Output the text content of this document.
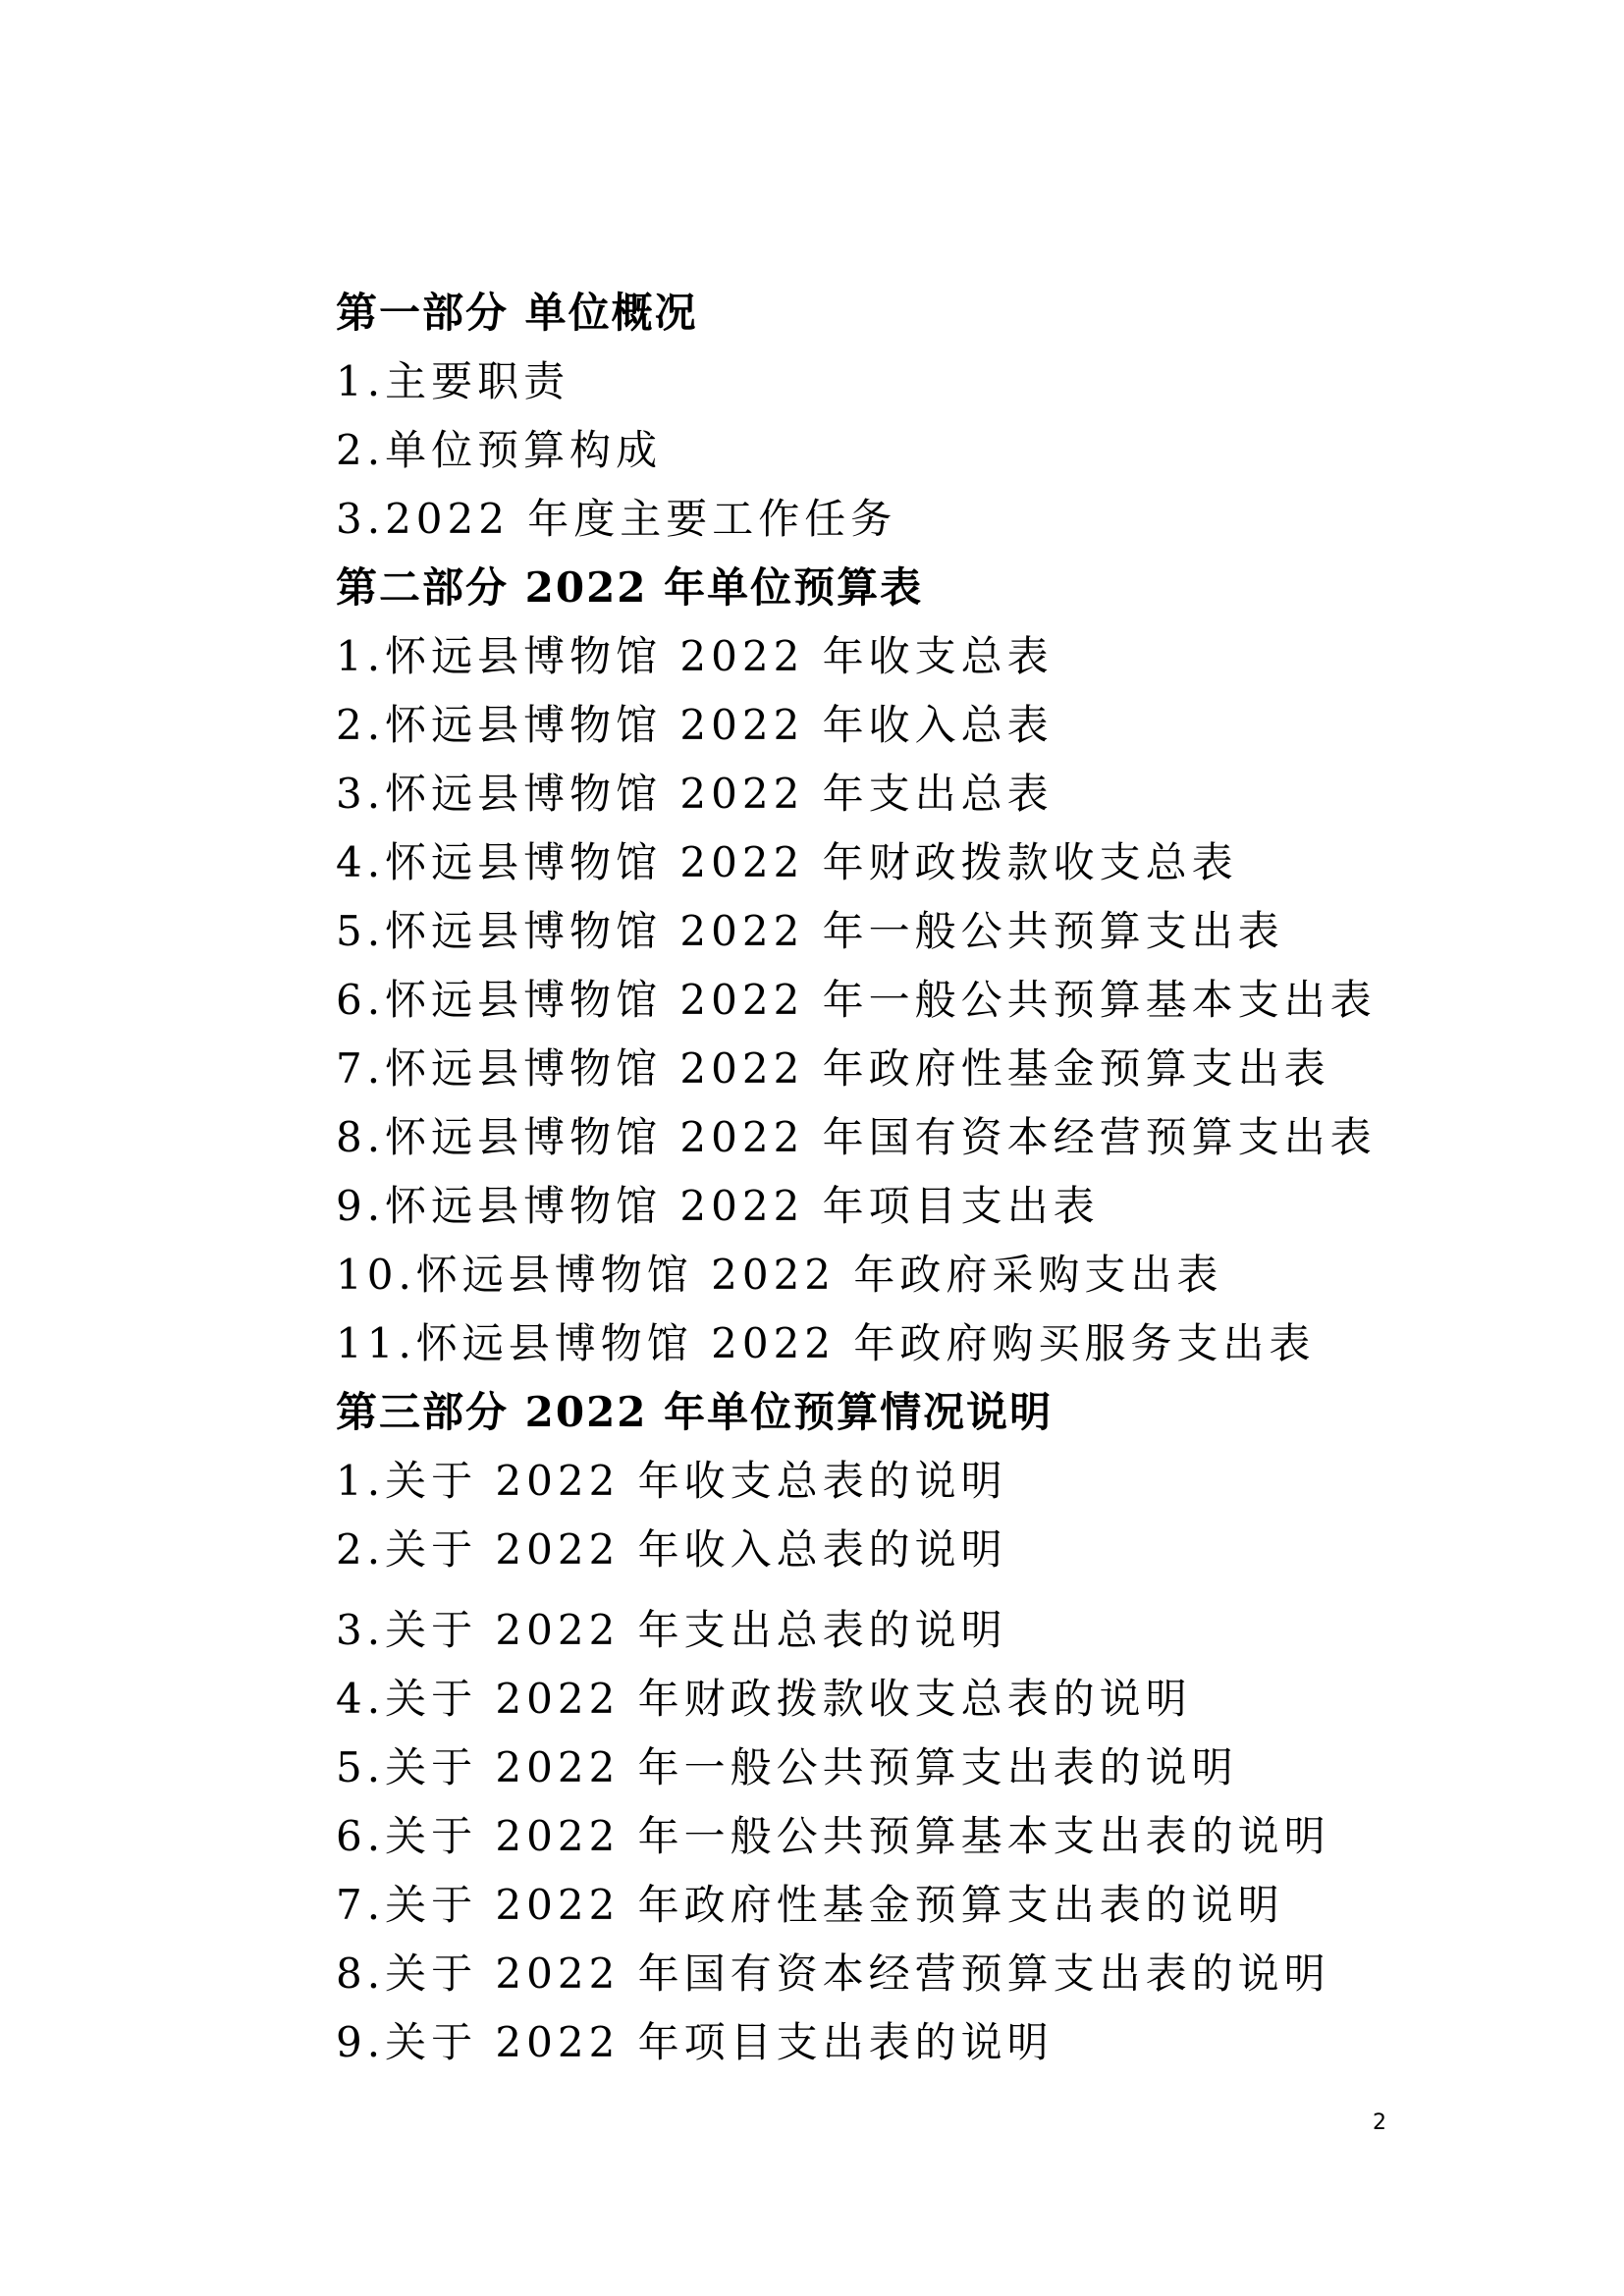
第一部分 单位概况
1.主要职责
2.单位预算构成
3.2022 年度主要工作任务
第二部分 2022 年单位预算表
1.怀远县博物馆 2022 年收支总表
2.怀远县博物馆 2022 年收入总表
3.怀远县博物馆 2022 年支出总表
4.怀远县博物馆 2022 年财政拨款收支总表
5.怀远县博物馆 2022 年一般公共预算支出表
6.怀远县博物馆 2022 年一般公共预算基本支出表
7.怀远县博物馆 2022 年政府性基金预算支出表
8.怀远县博物馆 2022 年国有资本经营预算支出表
9.怀远县博物馆 2022 年项目支出表
10.怀远县博物馆 2022 年政府采购支出表
11.怀远县博物馆 2022 年政府购买服务支出表
第三部分 2022 年单位预算情况说明
1.关于 2022 年收支总表的说明
2.关于 2022 年收入总表的说明
3.关于 2022 年支出总表的说明
4.关于 2022 年财政拨款收支总表的说明
5.关于 2022 年一般公共预算支出表的说明
6.关于 2022 年一般公共预算基本支出表的说明
7.关于 2022 年政府性基金预算支出表的说明
8.关于 2022 年国有资本经营预算支出表的说明
9.关于 2022 年项目支出表的说明
2
